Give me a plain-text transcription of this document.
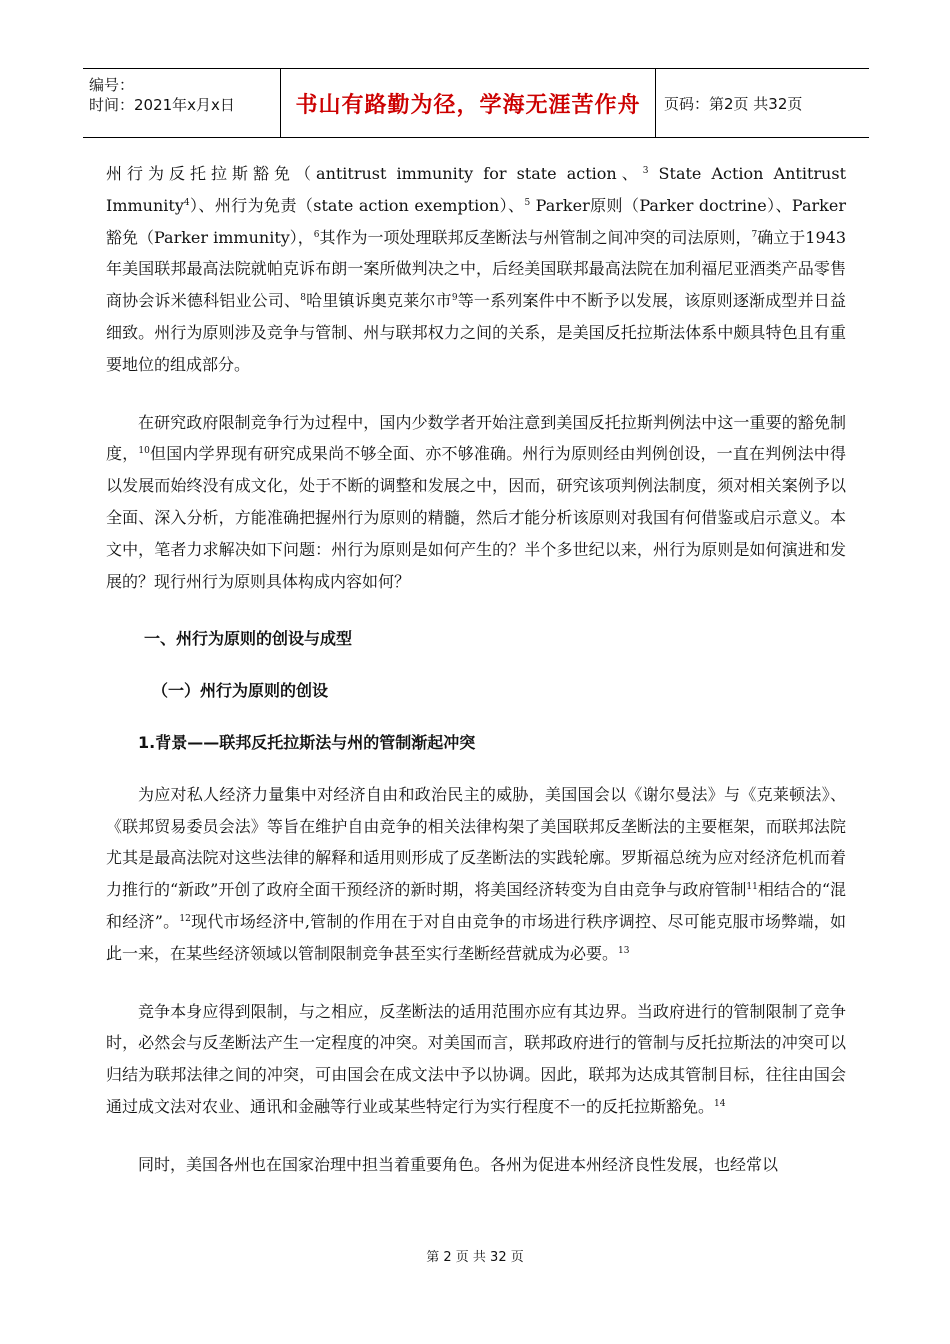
编号：
时间：2021年x月x日	书山有路勤为径，学海无涯苦作舟	页码：第2页 共32页

州行为反托拉斯豁免（antitrust immunity for state action、$^3$ State Action Antitrust Immunity$^4$）、州行为免责（state action exemption）、$^5$ Parker原则（Parker doctrine）、Parker豁免（Parker immunity），$^6$其作为一项处理联邦反垄断法与州管制之间冲突的司法原则，$^7$确立于1943年美国联邦最高法院就帕克诉布朗一案所做判决之中，后经美国联邦最高法院在加利福尼亚酒类产品零售商协会诉米德科铝业公司、$^8$哈里镇诉奥克莱尔市$^9$等一系列案件中不断予以发展，该原则逐渐成型并日益细致。州行为原则涉及竞争与管制、州与联邦权力之间的关系，是美国反托拉斯法体系中颇具特色且有重要地位的组成部分。

在研究政府限制竞争行为过程中，国内少数学者开始注意到美国反托拉斯判例法中这一重要的豁免制度，$^{10}$但国内学界现有研究成果尚不够全面、亦不够准确。州行为原则经由判例创设，一直在判例法中得以发展而始终没有成文化，处于不断的调整和发展之中，因而，研究该项判例法制度，须对相关案例予以全面、深入分析，方能准确把握州行为原则的精髓，然后才能分析该原则对我国有何借鉴或启示意义。本文中，笔者力求解决如下问题：州行为原则是如何产生的？半个多世纪以来，州行为原则是如何演进和发展的？现行州行为原则具体构成内容如何？

一、州行为原则的创设与成型
（一）州行为原则的创设
1.背景——联邦反托拉斯法与州的管制渐起冲突

为应对私人经济力量集中对经济自由和政治民主的威胁，美国国会以《谢尔曼法》与《克莱顿法》、《联邦贸易委员会法》等旨在维护自由竞争的相关法律构架了美国联邦反垄断法的主要框架，而联邦法院尤其是最高法院对这些法律的解释和适用则形成了反垄断法的实践轮廓。罗斯福总统为应对经济危机而着力推行的“新政”开创了政府全面干预经济的新时期，将美国经济转变为自由竞争与政府管制$^{11}$相结合的“混和经济”。$^{12}$现代市场经济中,管制的作用在于对自由竞争的市场进行秩序调控、尽可能克服市场弊端，如此一来，在某些经济领域以管制限制竞争甚至实行垄断经营就成为必要。$^{13}$

竞争本身应得到限制，与之相应，反垄断法的适用范围亦应有其边界。当政府进行的管制限制了竞争时，必然会与反垄断法产生一定程度的冲突。对美国而言，联邦政府进行的管制与反托拉斯法的冲突可以归结为联邦法律之间的冲突，可由国会在成文法中予以协调。因此，联邦为达成其管制目标，往往由国会通过成文法对农业、通讯和金融等行业或某些特定行为实行程度不一的反托拉斯豁免。$^{14}$

同时，美国各州也在国家治理中担当着重要角色。各州为促进本州经济良性发展，也经常以

第 2 页 共 32 页
